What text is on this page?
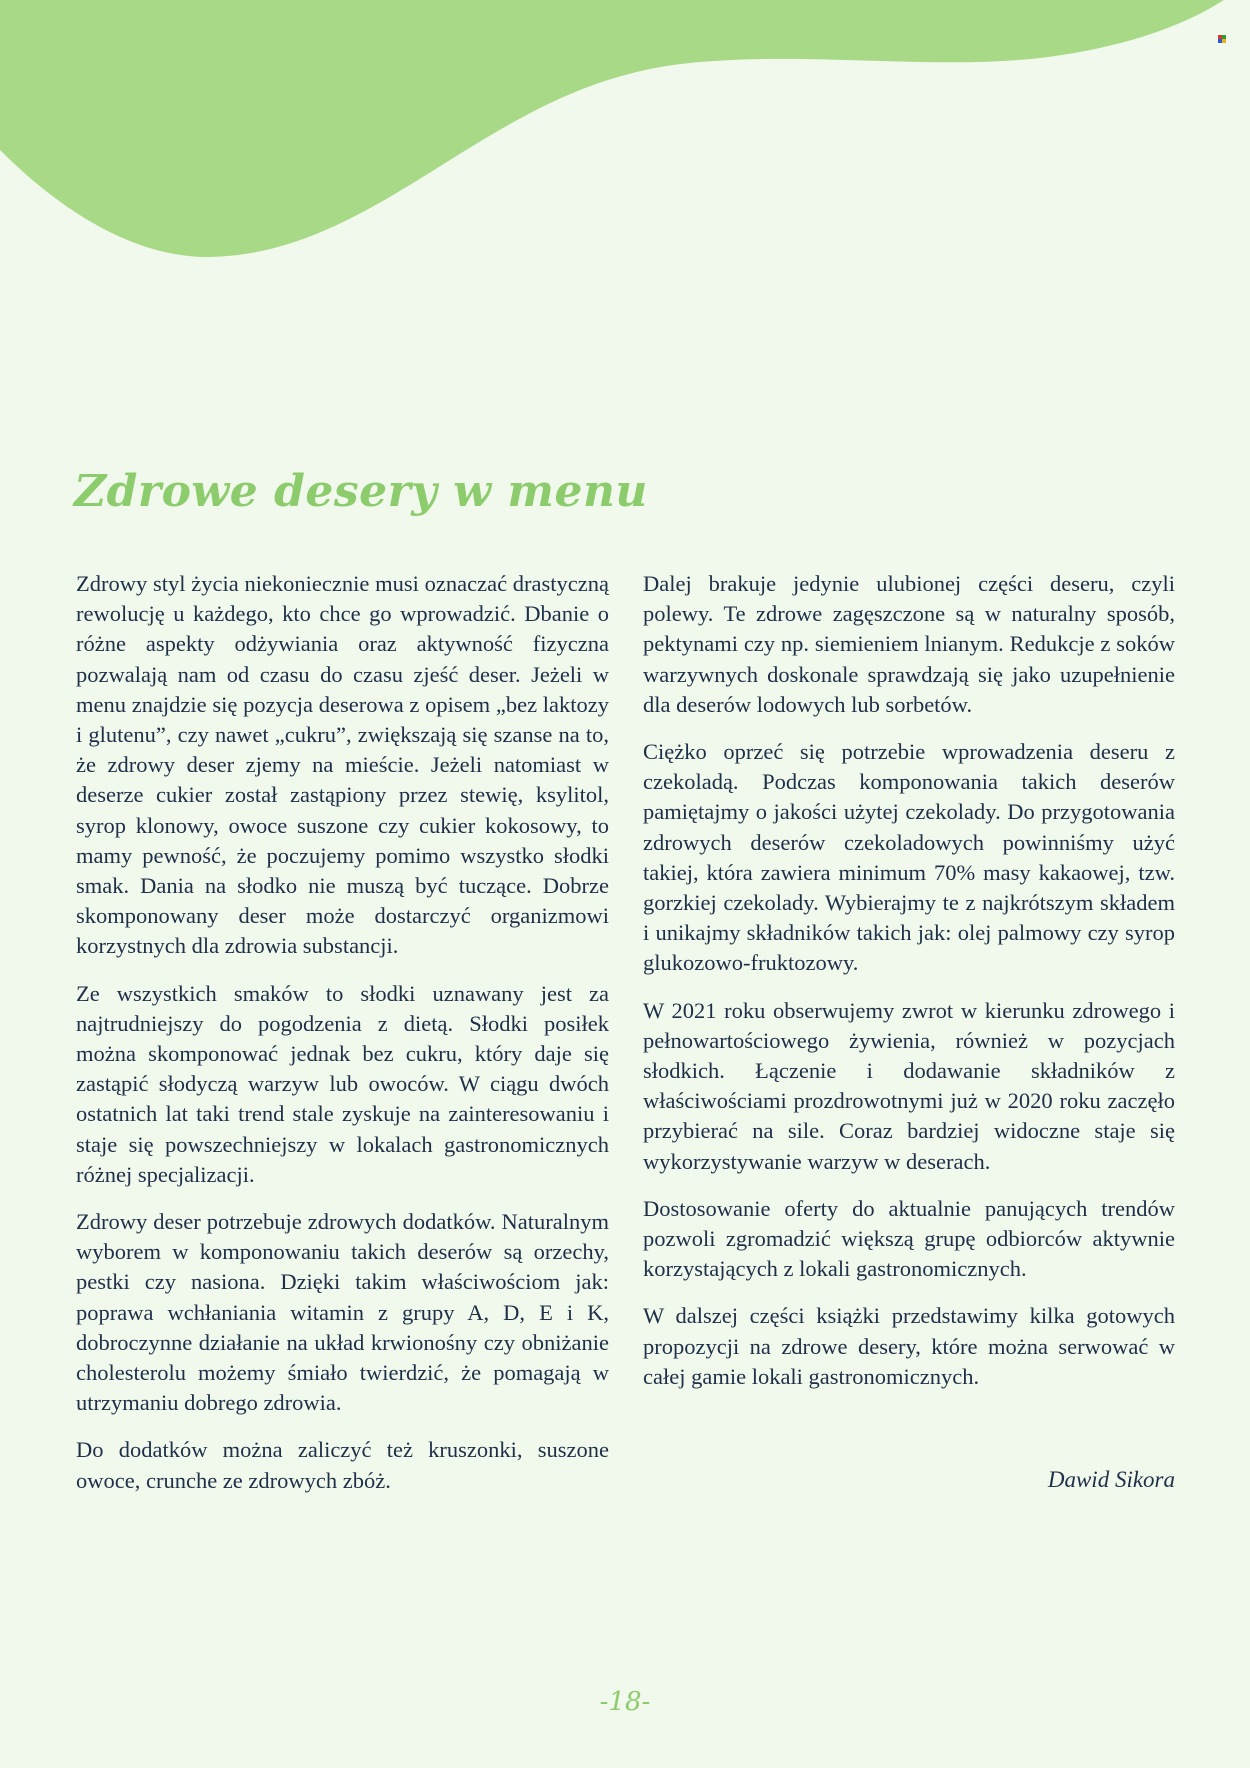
Zdrowe desery w menu

Zdrowy styl życia niekoniecznie musi oznaczać drastyczną rewolucję u każdego, kto chce go wprowadzić. Dbanie o różne aspekty odżywiania oraz aktywność fizyczna pozwalają nam od czasu do czasu zjeść deser. Jeżeli w menu znajdzie się pozycja deserowa z opisem „bez laktozy i glutenu”, czy nawet „cukru”, zwiększają się szanse na to, że zdrowy deser zjemy na mieście. Jeżeli natomiast w deserze cukier został zastąpiony przez stewię, ksylitol, syrop klonowy, owoce suszone czy cukier kokosowy, to mamy pewność, że poczujemy pomimo wszystko słodki smak. Dania na słodko nie muszą być tuczące. Dobrze skomponowany deser może dostarczyć organizmowi korzystnych dla zdrowia substancji.

Ze wszystkich smaków to słodki uznawany jest za najtrudniejszy do pogodzenia z dietą. Słodki posiłek można skomponować jednak bez cukru, który daje się zastąpić słodyczą warzyw lub owoców. W ciągu dwóch ostatnich lat taki trend stale zyskuje na zainteresowaniu i staje się powszechniejszy w lokalach gastronomicznych różnej specjalizacji.

Zdrowy deser potrzebuje zdrowych dodatków. Naturalnym wyborem w komponowaniu takich deserów są orzechy, pestki czy nasiona. Dzięki takim właściwościom jak: poprawa wchłaniania witamin z grupy A, D, E i K, dobroczynne działanie na układ krwionośny czy obniżanie cholesterolu możemy śmiało twierdzić, że pomagają w utrzymaniu dobrego zdrowia.

Do dodatków można zaliczyć też kruszonki, suszone owoce, crunche ze zdrowych zbóż.

Dalej brakuje jedynie ulubionej części deseru, czyli polewy. Te zdrowe zagęszczone są w naturalny sposób, pektynami czy np. siemieniem lnianym. Redukcje z soków warzywnych doskonale sprawdzają się jako uzupełnienie dla deserów lodowych lub sorbetów.

Ciężko oprzeć się potrzebie wprowadzenia deseru z czekoladą. Podczas komponowania takich deserów pamiętajmy o jakości użytej czekolady. Do przygotowania zdrowych deserów czekoladowych powinniśmy użyć takiej, która zawiera minimum 70% masy kakaowej, tzw. gorzkiej czekolady. Wybierajmy te z najkrótszym składem i unikajmy składników takich jak: olej palmowy czy syrop glukozowo-fruktozowy.

W 2021 roku obserwujemy zwrot w kierunku zdrowego i pełnowartościowego żywienia, również w pozycjach słodkich. Łączenie i dodawanie składników z właściwościami prozdrowotnymi już w 2020 roku zaczęło przybierać na sile. Coraz bardziej widoczne staje się wykorzystywanie warzyw w deserach.

Dostosowanie oferty do aktualnie panujących trendów pozwoli zgromadzić większą grupę odbiorców aktywnie korzystających z lokali gastronomicznych.

W dalszej części książki przedstawimy kilka gotowych propozycji na zdrowe desery, które można serwować w całej gamie lokali gastronomicznych.

Dawid Sikora

-18-
